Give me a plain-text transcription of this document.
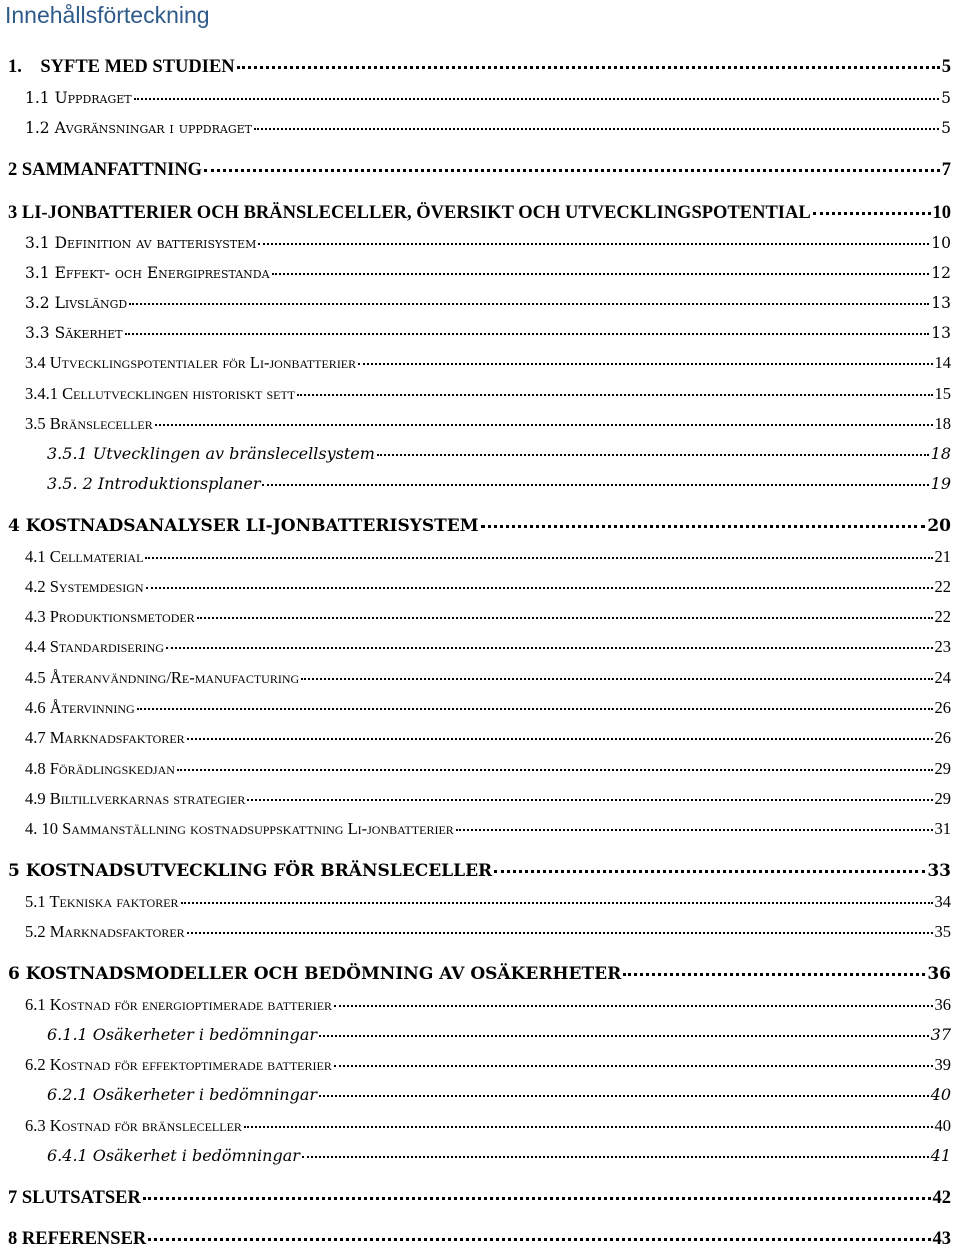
Innehållsförteckning
1.    SYFTE MED STUDIEN	5
1.1 Uppdraget	5
1.2 Avgränsningar i uppdraget	5
2 SAMMANFATTNING	7
3 LI-JONBATTERIER OCH BRÄNSLECELLER, ÖVERSIKT OCH UTVECKLINGSPOTENTIAL	10
3.1 Definition av batterisystem	10
3.1 Effekt- och Energiprestanda	12
3.2 Livslängd	13
3.3 Säkerhet	13
3.4 Utvecklingspotentialer för Li-jonbatterier	14
3.4.1 Cellutvecklingen historiskt sett	15
3.5 Bränsleceller	18
3.5.1 Utvecklingen av bränslecellsystem	18
3.5. 2 Introduktionsplaner	19
4 KOSTNADSANALYSER LI-JONBATTERISYSTEM	20
4.1 Cellmaterial	21
4.2 Systemdesign	22
4.3 Produktionsmetoder	22
4.4 Standardisering	23
4.5 Återanvändning/Re-manufacturing	24
4.6 Återvinning	26
4.7 Marknadsfaktorer	26
4.8 Förädlingskedjan	29
4.9 Biltillverkarnas strategier	29
4. 10 Sammanställning kostnadsuppskattning Li-jonbatterier	31
5 KOSTNADSUTVECKLING FÖR BRÄNSLECELLER	33
5.1 Tekniska faktorer	34
5.2 Marknadsfaktorer	35
6 KOSTNADSMODELLER OCH BEDÖMNING AV OSÄKERHETER	36
6.1 Kostnad för energioptimerade batterier	36
6.1.1 Osäkerheter i bedömningar	37
6.2 Kostnad för effektoptimerade batterier	39
6.2.1 Osäkerheter i bedömningar	40
6.3 Kostnad för bränsleceller	40
6.4.1 Osäkerhet i bedömningar	41
7 SLUTSATSER	42
8 REFERENSER	43
